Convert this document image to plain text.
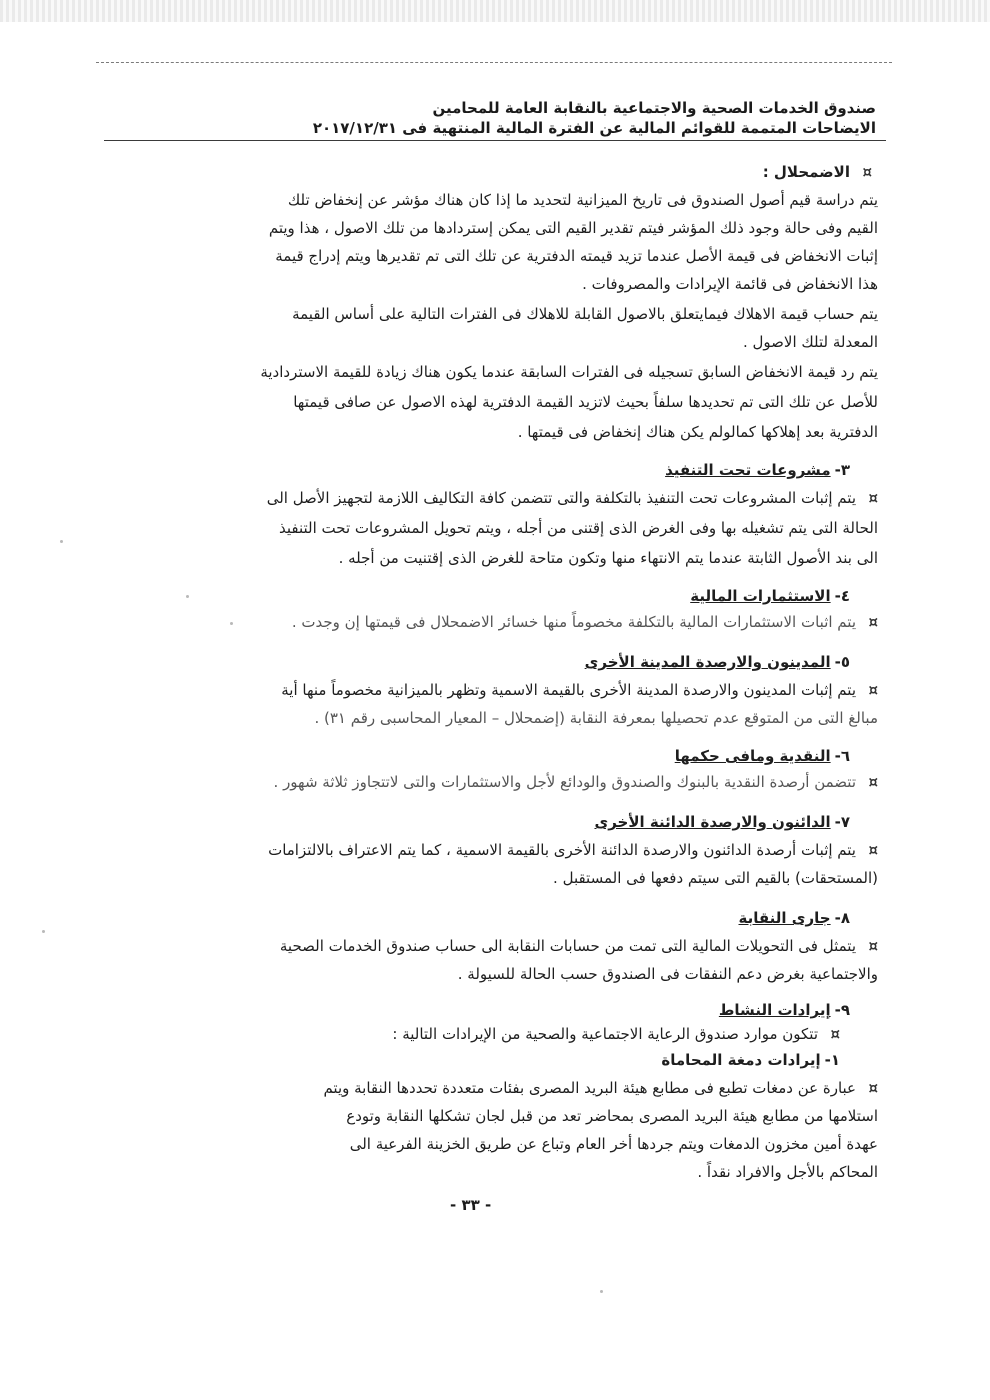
صندوق الخدمات الصحية والاجتماعية بالنقابة العامة للمحامين
الايضاحات المتممة للقوائم المالية عن الفترة المالية المنتهية فى ٢٠١٧/١٢/٣١
¤الاضمحلال :
يتم دراسة قيم أصول الصندوق فى تاريخ الميزانية لتحديد ما إذا كان هناك مؤشر عن إنخفاض تلك
القيم وفى حالة وجود ذلك المؤشر فيتم تقدير القيم التى يمكن إستردادها من تلك الاصول ، هذا ويتم
إثبات الانخفاض فى قيمة الأصل عندما تزيد قيمته الدفترية عن تلك التى تم تقديرها ويتم إدراج قيمة
هذا الانخفاض فى قائمة الإيرادات والمصروفات .
يتم حساب قيمة الاهلاك فيمايتعلق بالاصول القابلة للاهلاك فى الفترات التالية على أساس القيمة
المعدلة لتلك الاصول .
يتم رد قيمة الانخفاض السابق تسجيله فى الفترات السابقة عندما يكون هناك زيادة للقيمة الاستردادية
للأصل عن تلك التى تم تحديدها سلفاً بحيث لاتزيد القيمة الدفترية لهذه الاصول عن صافى قيمتها
الدفترية بعد إهلاكها كمالولم يكن هناك إنخفاض فى قيمتها .
٣-مشروعات تحت التنفيذ
¤يتم إثبات المشروعات تحت التنفيذ بالتكلفة والتى تتضمن كافة التكاليف اللازمة لتجهيز الأصل الى
الحالة التى يتم تشغيله بها وفى الغرض الذى إقتنى من أجله ، ويتم تحويل المشروعات تحت التنفيذ
الى بند الأصول الثابتة عندما يتم الانتهاء منها وتكون متاحة للغرض الذى إقتنيت من أجله .
٤-الاستثمارات المالية
¤يتم اثبات الاستثمارات المالية بالتكلفة مخصوماً منها خسائر الاضمحلال فى قيمتها إن وجدت .
٥-المدينون والارصدة المدينة الأخرى
¤يتم إثبات المدينون والارصدة المدينة الأخرى بالقيمة الاسمية وتظهر بالميزانية مخصوماً منها أية
مبالغ التى من المتوقع عدم تحصيلها بمعرفة النقابة (إضمحلال – المعيار المحاسبى رقم ٣١) .
٦-النقدية ومافى حكمها
¤تتضمن أرصدة النقدية بالبنوك والصندوق والودائع لأجل والاستثمارات والتى لاتتجاوز ثلاثة شهور .
٧-الدائنون والارصدة الدائنة الأخرى
¤يتم إثبات أرصدة الدائنون والارصدة الدائنة الأخرى بالقيمة الاسمية ، كما يتم الاعتراف بالالتزامات
(المستحقات) بالقيم التى سيتم دفعها فى المستقبل .
٨-جارى النقابة
¤يتمثل فى التحويلات المالية التى تمت من حسابات النقابة الى حساب صندوق الخدمات الصحية
والاجتماعية بغرض دعم النفقات فى الصندوق حسب الحالة للسيولة .
٩-إيرادات النشاط
¤تتكون موارد صندوق الرعاية الاجتماعية والصحية من الإيرادات التالية :
١-إيرادات دمغة المحاماة
¤عبارة عن دمغات تطبع فى مطابع هيئة البريد المصرى بفئات متعددة تحددها النقابة ويتم
استلامها من مطابع هيئة البريد المصرى بمحاضر تعد من قبل لجان تشكلها النقابة وتودع
عهدة أمين مخزون الدمغات ويتم جردها أخر العام وتباع عن طريق الخزينة الفرعية الى
المحاكم بالأجل والافراد نقداً .
- ٣٣ -
